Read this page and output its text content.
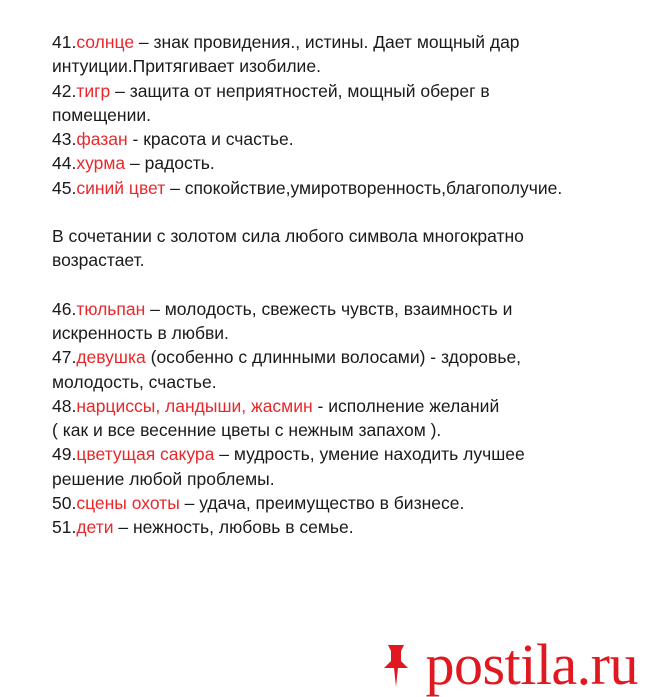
41.солнце – знак провидения., истины. Дает мощный дар
интуиции.Притягивает изобилие.
42.тигр – защита от неприятностей, мощный оберег в
помещении.
43.фазан - красота и счастье.
44.хурма – радость.
45.синий цвет – спокойствие,умиротворенность,благополучие.
В сочетании с золотом сила любого символа многократно
возрастает.
46.тюльпан – молодость, свежесть чувств, взаимность и
искренность в любви.
47.девушка (особенно с длинными волосами) - здоровье,
молодость, счастье.
48.нарциссы, ландыши, жасмин - исполнение желаний
( как и все весенние цветы с нежным запахом ).
49.цветущая сакура – мудрость, умение находить лучшее
решение любой проблемы.
50.сцены охоты – удача, преимущество в бизнесе.
51.дети – нежность, любовь в семье.
postila.ru
